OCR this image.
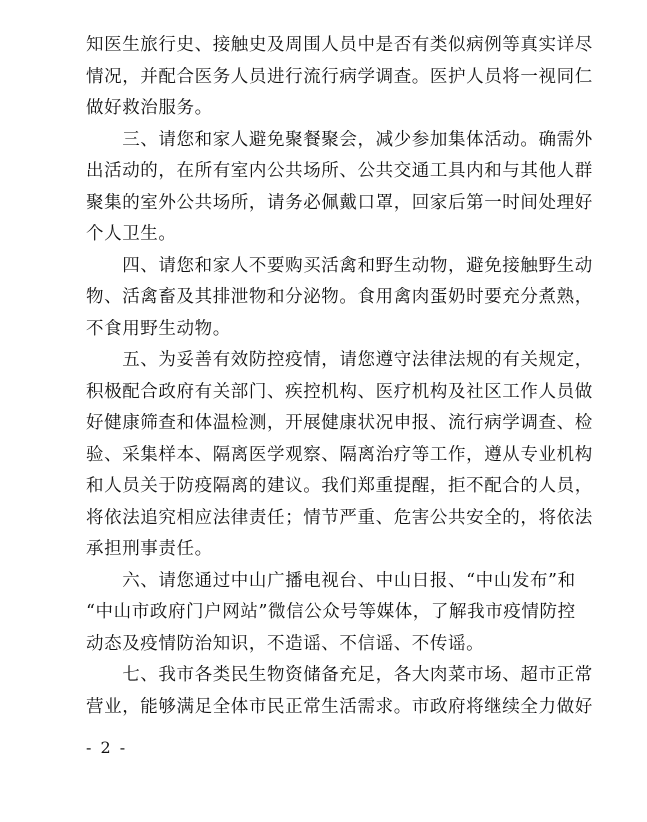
知医生旅行史、接触史及周围人员中是否有类似病例等真实详尽
情况，并配合医务人员进行流行病学调查。医护人员将一视同仁
做好救治服务。

　　三、请您和家人避免聚餐聚会，减少参加集体活动。确需外
出活动的，在所有室内公共场所、公共交通工具内和与其他人群
聚集的室外公共场所，请务必佩戴口罩，回家后第一时间处理好
个人卫生。

　　四、请您和家人不要购买活禽和野生动物，避免接触野生动
物、活禽畜及其排泄物和分泌物。食用禽肉蛋奶时要充分煮熟，
不食用野生动物。

　　五、为妥善有效防控疫情，请您遵守法律法规的有关规定，
积极配合政府有关部门、疾控机构、医疗机构及社区工作人员做
好健康筛查和体温检测，开展健康状况申报、流行病学调查、检
验、采集样本、隔离医学观察、隔离治疗等工作，遵从专业机构
和人员关于防疫隔离的建议。我们郑重提醒，拒不配合的人员，
将依法追究相应法律责任；情节严重、危害公共安全的，将依法
承担刑事责任。

　　六、请您通过中山广播电视台、中山日报、“中山发布”和
“中山市政府门户网站”微信公众号等媒体，了解我市疫情防控
动态及疫情防治知识，不造谣、不信谣、不传谣。

　　七、我市各类民生物资储备充足，各大肉菜市场、超市正常
营业，能够满足全体市民正常生活需求。市政府将继续全力做好

- 2 -
